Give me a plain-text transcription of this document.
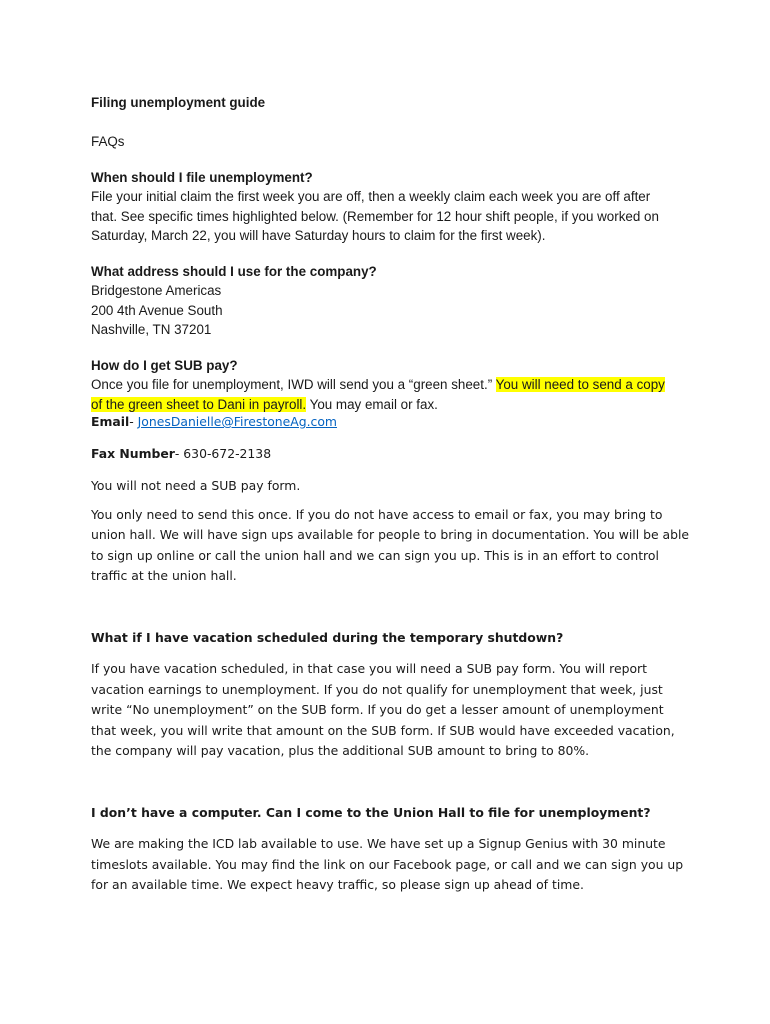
Filing unemployment guide

FAQs

When should I file unemployment?

File your initial claim the first week you are off, then a weekly claim each week you are off after that. See specific times highlighted below. (Remember for 12 hour shift people, if you worked on Saturday, March 22, you will have Saturday hours to claim for the first week).

What address should I use for the company?

Bridgestone Americas

200 4th Avenue South

Nashville, TN 37201

How do I get SUB pay?

Once you file for unemployment, IWD will send you a “green sheet.” You will need to send a copy of the green sheet to Dani in payroll. You may email or fax.

Email- JonesDanielle@FirestoneAg.com

Fax Number- 630-672-2138

You will not need a SUB pay form.

You only need to send this once. If you do not have access to email or fax, you may bring to union hall. We will have sign ups available for people to bring in documentation. You will be able to sign up online or call the union hall and we can sign you up. This is in an effort to control traffic at the union hall.

What if I have vacation scheduled during the temporary shutdown?

If you have vacation scheduled, in that case you will need a SUB pay form. You will report vacation earnings to unemployment. If you do not qualify for unemployment that week, just write “No unemployment” on the SUB form. If you do get a lesser amount of unemployment that week, you will write that amount on the SUB form. If SUB would have exceeded vacation, the company will pay vacation, plus the additional SUB amount to bring to 80%.

I don’t have a computer. Can I come to the Union Hall to file for unemployment?

We are making the ICD lab available to use. We have set up a Signup Genius with 30 minute timeslots available. You may find the link on our Facebook page, or call and we can sign you up for an available time. We expect heavy traffic, so please sign up ahead of time.
